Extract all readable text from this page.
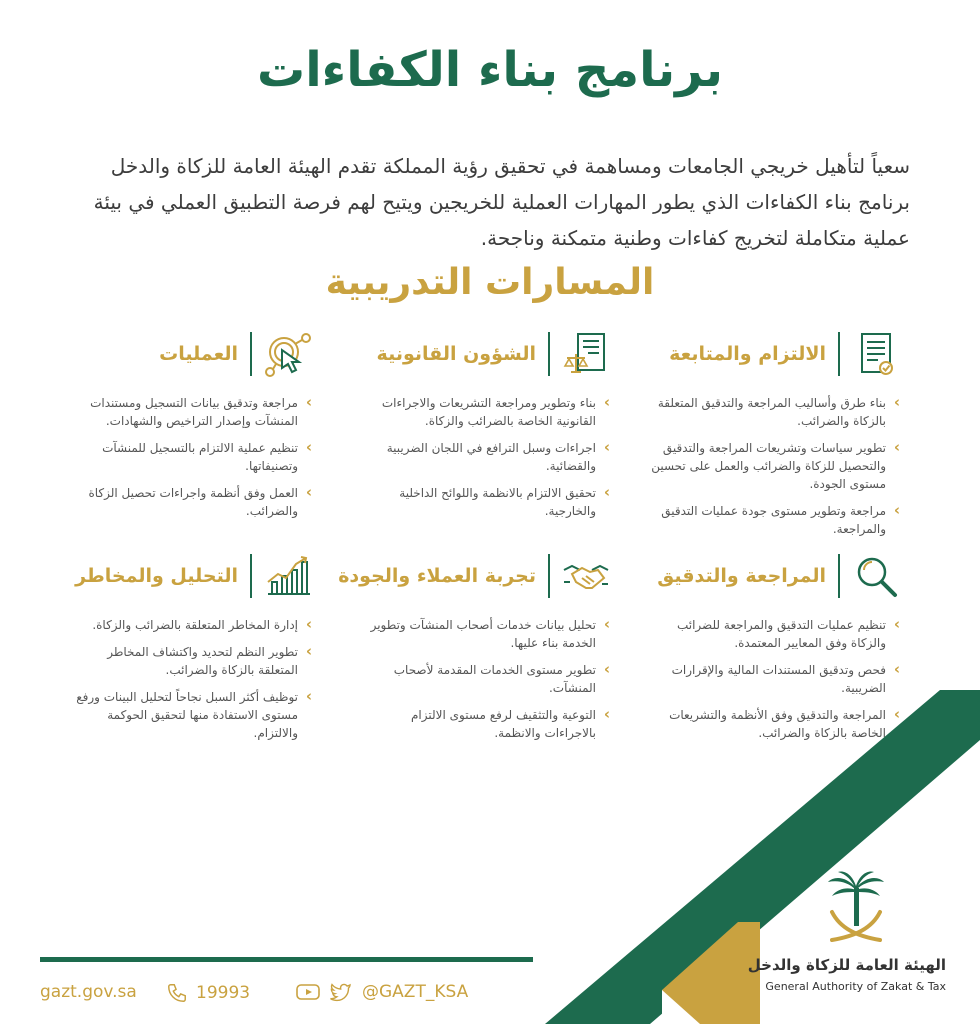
برنامج بناء الكفاءات

سعياً لتأهيل خريجي الجامعات ومساهمة في تحقيق رؤية المملكة تقدم الهيئة العامة للزكاة والدخل برنامج بناء الكفاءات الذي يطور المهارات العملية للخريجين ويتيح لهم فرصة التطبيق العملي في بيئة عملية متكاملة لتخريج كفاءات وطنية متمكنة وناجحة.

المسارات التدريبية
الالتزام والمتابعة
› بناء طرق وأساليب المراجعة والتدقيق المتعلقة بالزكاة والضرائب.
› تطوير سياسات وتشريعات المراجعة والتدقيق والتحصيل للزكاة والضرائب والعمل على تحسين مستوى الجودة.
› مراجعة وتطوير مستوى جودة عمليات التدقيق والمراجعة.
الشؤون القانونية
› بناء وتطوير ومراجعة التشريعات والاجراءات القانونية الخاصة بالضرائب والزكاة.
› اجراءات وسبل الترافع في اللجان الضريبية والقضائية.
› تحقيق الالتزام بالانظمة واللوائح الداخلية والخارجية.
العمليات
› مراجعة وتدقيق بيانات التسجيل ومستندات المنشآت وإصدار التراخيص والشهادات.
› تنظيم عملية الالتزام بالتسجيل للمنشآت وتصنيفاتها.
› العمل وفق أنظمة واجراءات تحصيل الزكاة والضرائب.
المراجعة والتدقيق
› تنظيم عمليات التدقيق والمراجعة للضرائب والزكاة وفق المعايير المعتمدة.
› فحص وتدقيق المستندات المالية والإقرارات الضريبية.
› المراجعة والتدقيق وفق الأنظمة والتشريعات الخاصة بالزكاة والضرائب.
تجربة العملاء والجودة
› تحليل بيانات خدمات أصحاب المنشآت وتطوير الخدمة بناء عليها.
› تطوير مستوى الخدمات المقدمة لأصحاب المنشآت.
› التوعية والتثقيف لرفع مستوى الالتزام بالاجراءات والانظمة.
التحليل والمخاطر
› إدارة المخاطر المتعلقة بالضرائب والزكاة.
› تطوير النظم لتحديد واكتشاف المخاطر المتعلقة بالزكاة والضرائب.
› توظيف أكثر السبل نجاحاً لتحليل البينات ورفع مستوى الاستفادة منها لتحقيق الحوكمة والالتزام.
gazt.gov.sa	19993	@GAZT_KSA
الهيئة العامة للزكاة والدخل
General Authority of Zakat & Tax
